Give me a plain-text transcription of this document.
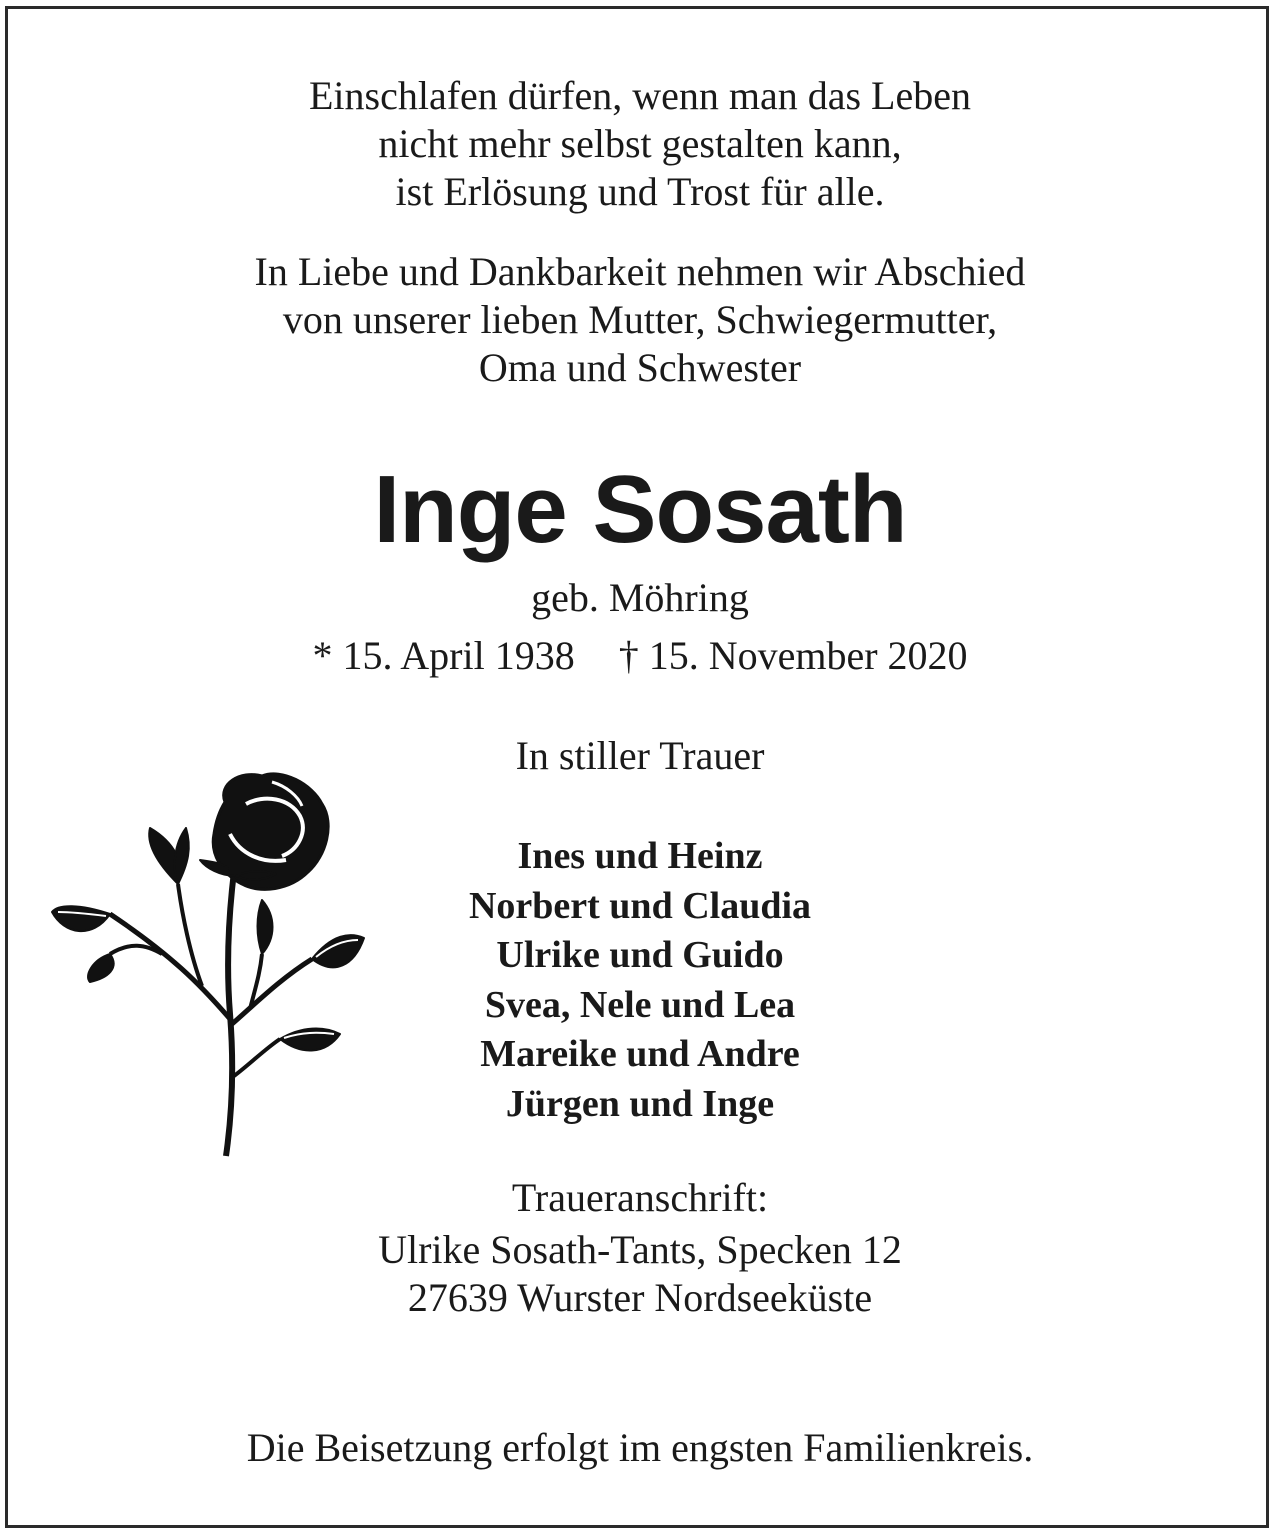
Einschlafen dürfen, wenn man das Leben

nicht mehr selbst gestalten kann,

ist Erlösung und Trost für alle.

In Liebe und Dankbarkeit nehmen wir Abschied

von unserer lieben Mutter, Schwiegermutter,

Oma und Schwester

Inge Sosath

geb. Möhring

* 15. April 1938 † 15. November 2020

In stiller Trauer

Ines und Heinz

Norbert und Claudia

Ulrike und Guido

Svea, Nele und Lea

Mareike und Andre

Jürgen und Inge

Traueranschrift:

Ulrike Sosath-Tants, Specken 12

27639 Wurster Nordseeküste

Die Beisetzung erfolgt im engsten Familienkreis.
